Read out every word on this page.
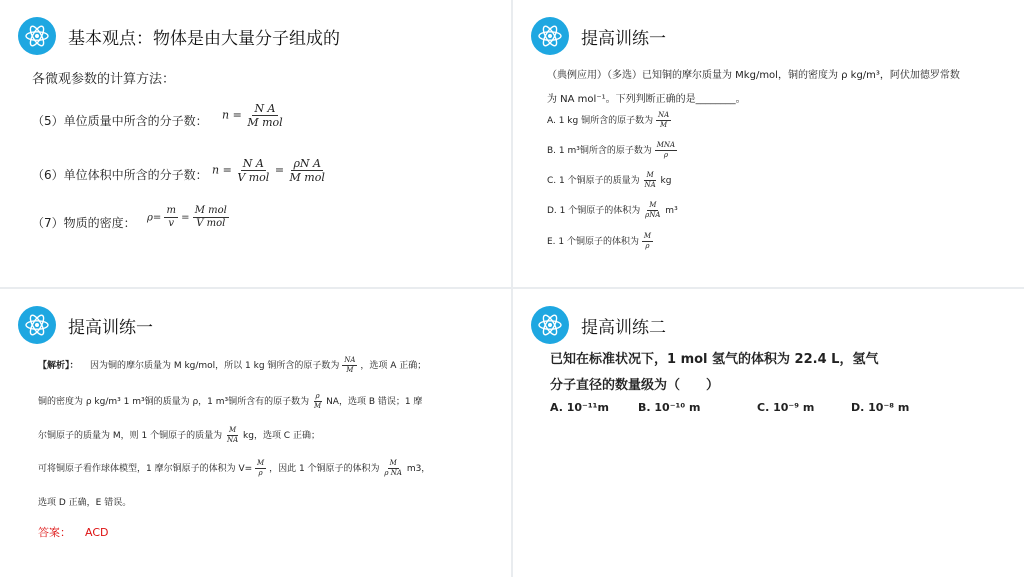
基本观点：物体是由大量分子组成的
各微观参数的计算方法：
（5）单位质量中所含的分子数： $n = \frac{\text{N A}}{\text{M mol}}$
（6）单位体积中所含的分子数： $n = \frac{\text{N A}}{\text{V mol}} = \frac{\text{ρN A}}{\text{M mol}}$
（7）物质的密度： $\rho= \frac{m}{v} = \frac{\text{M mol}}{\text{V mol}}$
提高训练一
（典例应用）（多选）已知铜的摩尔质量为 Mkg/mol，铜的密度为 ρ kg/m³，阿伏加德罗常数
为 NA mol⁻¹。下列判断正确的是________。
A. 1 kg 铜所含的原子数为 $\frac{NA}{M}$
B. 1 m³铜所含的原子数为 $\frac{\text{MNA}}{\rho}$
C. 1 个铜原子的质量为 $\frac{M}{NA}$ kg
D. 1 个铜原子的体积为 $\frac{M}{\text{ρNA}} m^3$
E. 1 个铜原子的体积为 $\frac{M}{\rho}$
提高训练一
【解析】： 因为铜的摩尔质量为 M kg/mol，所以 1 kg 铜所含的原子数为 $\frac{NA}{M}$ ，选项 A 正确；
铜的密度为 ρ kg/m³ 1 m³铜的质量为 ρ，1 m³铜所含有的原子数为 $\frac{\rho}{M}$ NA，选项 B 错误；1 摩
尔铜原子的质量为 M，则 1 个铜原子的质量为 $\frac{M}{NA}$ kg，选项 C 正确；
可将铜原子看作球体模型，1 摩尔铜原子的体积为 $V= \frac{M}{\rho}$ ，因此 1 个铜原子的体积为 $\frac{M}{\text{ρ NA}} m3$，
选项 D 正确，E 错误。
答案： ACD
提高训练二
已知在标准状况下，1 mol 氢气的体积为 22.4 L，氢气
分子直径的数量级为（　　）
A. 10⁻¹¹m	B. 10⁻¹⁰ m	C. 10⁻⁹ m	D. 10⁻⁸ m
